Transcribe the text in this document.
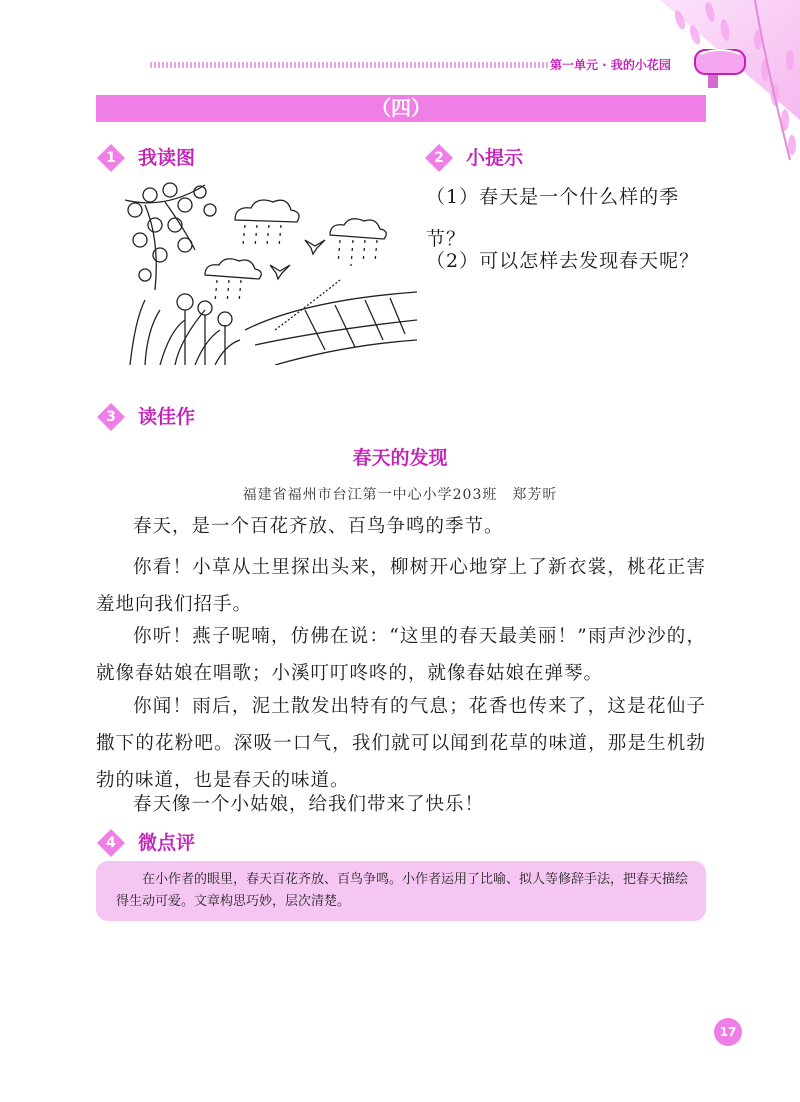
第一单元 · 我的小花园
（四）
1	我读图	2	小提示
（1）春天是一个什么样的季节？
（2）可以怎样去发现春天呢？
3	读佳作
春天的发现
福建省福州市台江第一中心小学203班　郑芳昕
春天，是一个百花齐放、百鸟争鸣的季节。
你看！小草从土里探出头来，柳树开心地穿上了新衣裳，桃花正害羞地向我们招手。
你听！燕子呢喃，仿佛在说：“这里的春天最美丽！”雨声沙沙的，就像春姑娘在唱歌；小溪叮叮咚咚的，就像春姑娘在弹琴。
你闻！雨后，泥土散发出特有的气息；花香也传来了，这是花仙子撒下的花粉吧。深吸一口气，我们就可以闻到花草的味道，那是生机勃勃的味道，也是春天的味道。
春天像一个小姑娘，给我们带来了快乐！
4	微点评
在小作者的眼里，春天百花齐放、百鸟争鸣。小作者运用了比喻、拟人等修辞手法，把春天描绘得生动可爱。文章构思巧妙，层次清楚。
17
